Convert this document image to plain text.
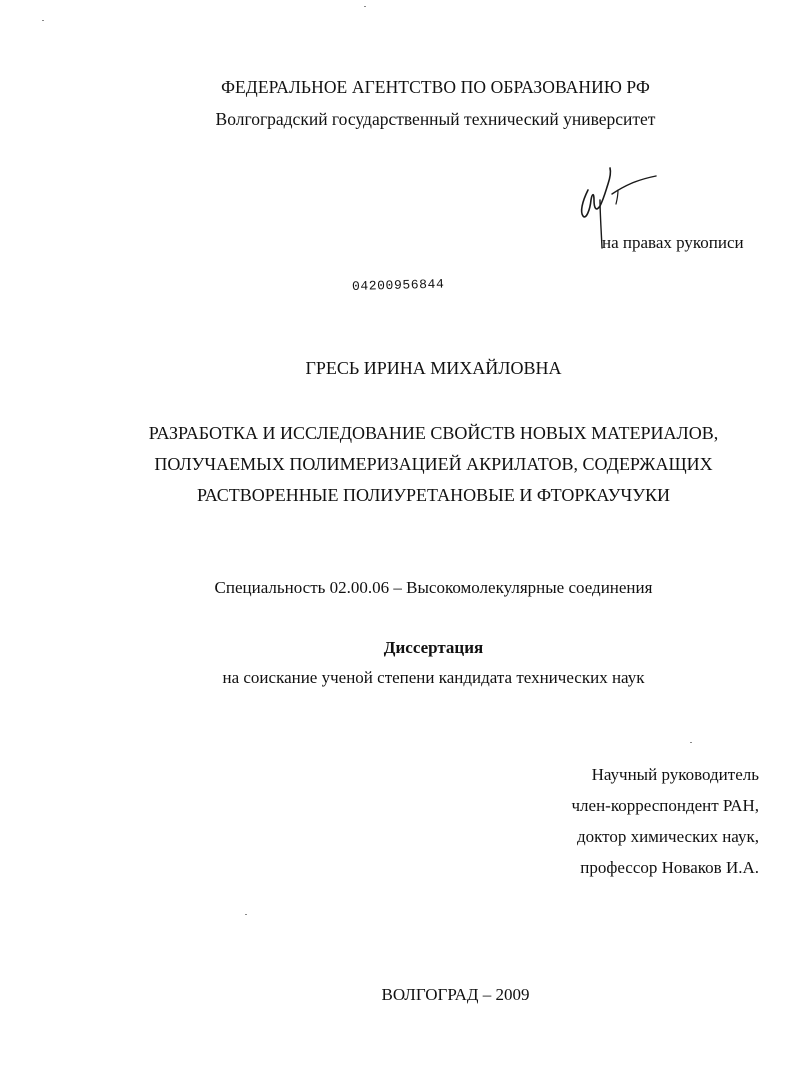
ФЕДЕРАЛЬНОЕ АГЕНТСТВО ПО ОБРАЗОВАНИЮ РФ
Волгоградский государственный технический университет
на правах рукописи
04200956844
ГРЕСЬ ИРИНА МИХАЙЛОВНА
РАЗРАБОТКА И ИССЛЕДОВАНИЕ СВОЙСТВ НОВЫХ МАТЕРИАЛОВ,
ПОЛУЧАЕМЫХ ПОЛИМЕРИЗАЦИЕЙ АКРИЛАТОВ, СОДЕРЖАЩИХ
РАСТВОРЕННЫЕ ПОЛИУРЕТАНОВЫЕ И ФТОРКАУЧУКИ
Специальность 02.00.06 – Высокомолекулярные соединения
Диссертация
на соискание ученой степени кандидата технических наук
Научный руководитель
член-корреспондент РАН,
доктор химических наук,
профессор Новаков И.А.
ВОЛГОГРАД – 2009
